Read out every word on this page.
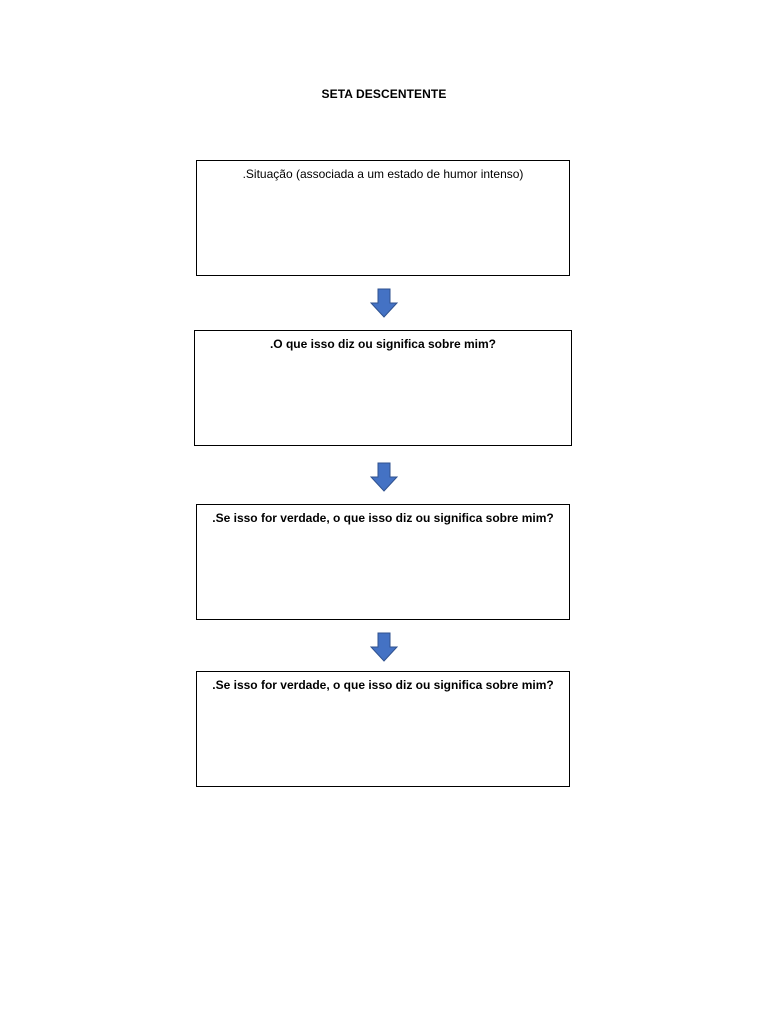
SETA DESCENTENTE
.Situação (associada a um estado de humor intenso)
.O que isso diz ou significa sobre mim?
.Se isso for verdade, o que isso diz ou significa sobre mim?
.Se isso for verdade, o que isso diz ou significa sobre mim?
